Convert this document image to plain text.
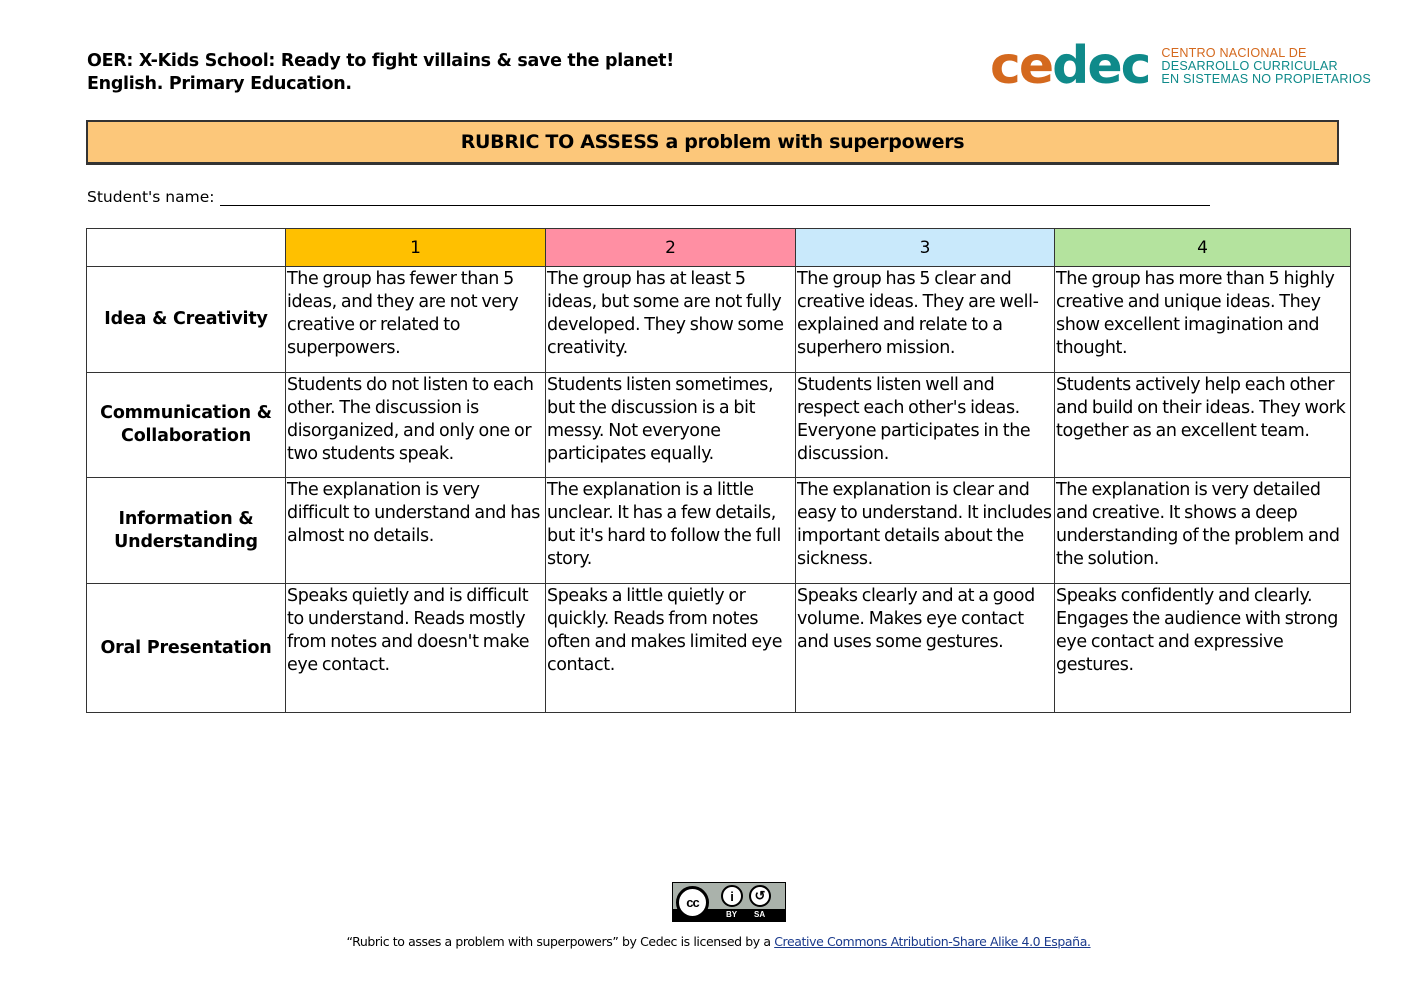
OER: X-Kids School: Ready to fight villains & save the planet!
English. Primary Education.	ce dec CENTRO NACIONAL DE
DESARROLLO CURRICULAR
EN SISTEMAS NO PROPIETARIOS
RUBRIC TO ASSESS a problem with superpowers
Student's name:
	1	2	3	4
Idea & Creativity	The group has fewer than 5 ideas, and they are not very creative or related to superpowers.	The group has at least 5 ideas, but some are not fully developed. They show some creativity.	The group has 5 clear and creative ideas. They are well-explained and relate to a superhero mission.	The group has more than 5 highly creative and unique ideas. They show excellent imagination and thought.
Communication & Collaboration	Students do not listen to each other. The discussion is disorganized, and only one or two students speak.	Students listen sometimes, but the discussion is a bit messy. Not everyone participates equally.	Students listen well and respect each other's ideas. Everyone participates in the discussion.	Students actively help each other and build on their ideas. They work together as an excellent team.
Information & Understanding	The explanation is very difficult to understand and has almost no details.	The explanation is a little unclear. It has a few details, but it's hard to follow the full story.	The explanation is clear and easy to understand. It includes important details about the sickness.	The explanation is very detailed and creative. It shows a deep understanding of the problem and the solution.
Oral Presentation	Speaks quietly and is difficult to understand. Reads mostly from notes and doesn't make eye contact.	Speaks a little quietly or quickly. Reads from notes often and makes limited eye contact.	Speaks clearly and at a good volume. Makes eye contact and uses some gestures.	Speaks confidently and clearly. Engages the audience with strong eye contact and expressive gestures.
cc	i	↺
BY SA
“Rubric to asses a problem with superpowers” by Cedec is licensed by a Creative Commons Atribution-Share Alike 4.0 España.
